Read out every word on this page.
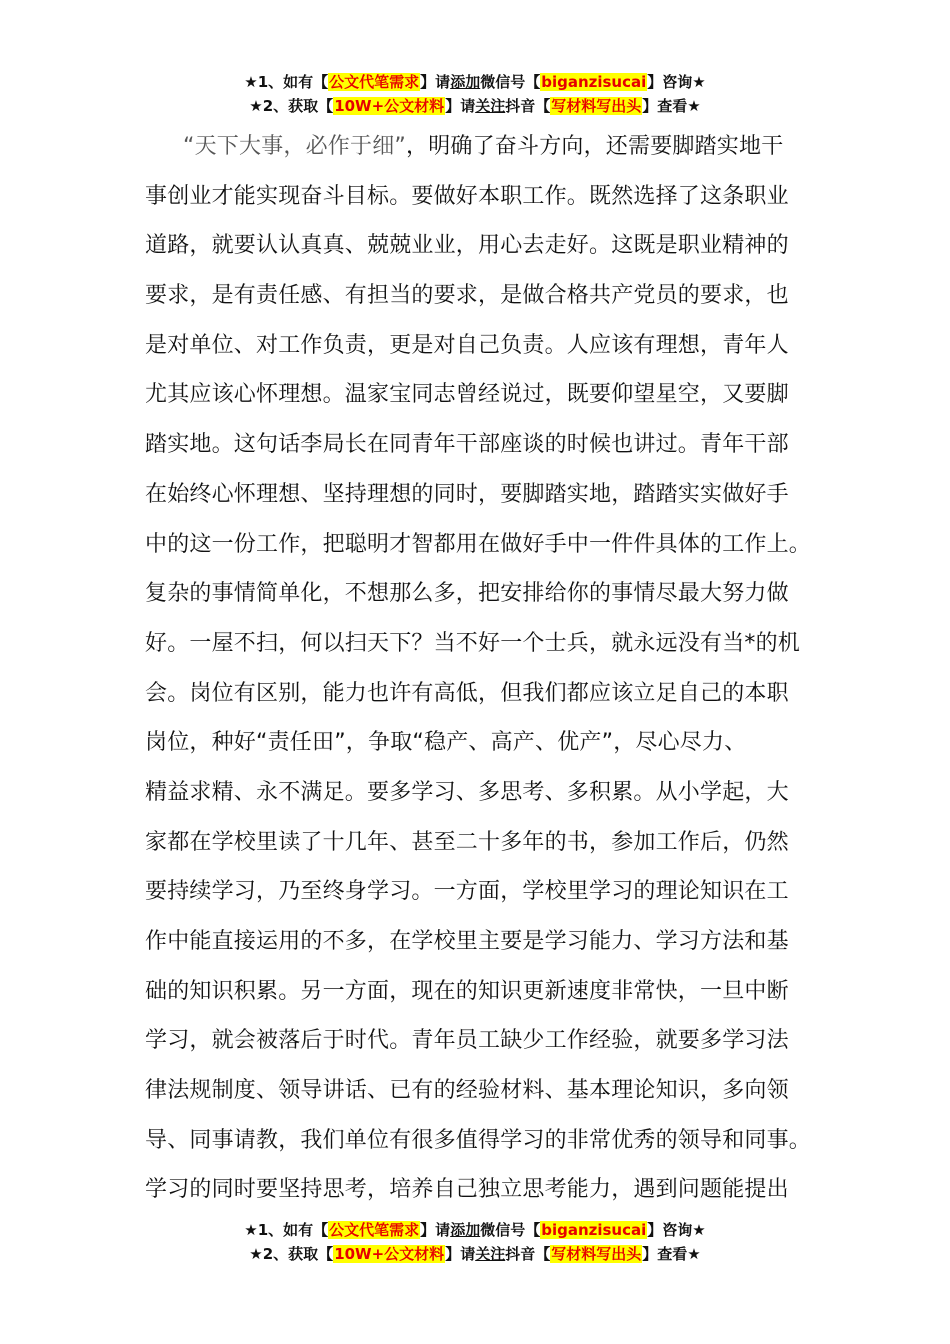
★1、如有【公文代笔需求】请添加微信号【biganzisucai】咨询★
★2、获取【10W+公文材料】请关注抖音【写材料写出头】查看★
“天下大事，必作于细”，明确了奋斗方向，还需要脚踏实地干
事创业才能实现奋斗目标。要做好本职工作。既然选择了这条职业
道路，就要认认真真、兢兢业业，用心去走好。这既是职业精神的
要求，是有责任感、有担当的要求，是做合格共产党员的要求，也
是对单位、对工作负责，更是对自己负责。人应该有理想，青年人
尤其应该心怀理想。温家宝同志曾经说过，既要仰望星空，又要脚
踏实地。这句话李局长在同青年干部座谈的时候也讲过。青年干部
在始终心怀理想、坚持理想的同时，要脚踏实地，踏踏实实做好手
中的这一份工作，把聪明才智都用在做好手中一件件具体的工作上。
复杂的事情简单化，不想那么多，把安排给你的事情尽最大努力做
好。一屋不扫，何以扫天下？当不好一个士兵，就永远没有当*的机
会。岗位有区别，能力也许有高低，但我们都应该立足自己的本职
岗位，种好“责任田”，争取“稳产、高产、优产”，尽心尽力、
精益求精、永不满足。要多学习、多思考、多积累。从小学起，大
家都在学校里读了十几年、甚至二十多年的书，参加工作后，仍然
要持续学习，乃至终身学习。一方面，学校里学习的理论知识在工
作中能直接运用的不多，在学校里主要是学习能力、学习方法和基
础的知识积累。另一方面，现在的知识更新速度非常快，一旦中断
学习，就会被落后于时代。青年员工缺少工作经验，就要多学习法
律法规制度、领导讲话、已有的经验材料、基本理论知识，多向领
导、同事请教，我们单位有很多值得学习的非常优秀的领导和同事。
学习的同时要坚持思考，培养自己独立思考能力，遇到问题能提出
★1、如有【公文代笔需求】请添加微信号【biganzisucai】咨询★
★2、获取【10W+公文材料】请关注抖音【写材料写出头】查看★
